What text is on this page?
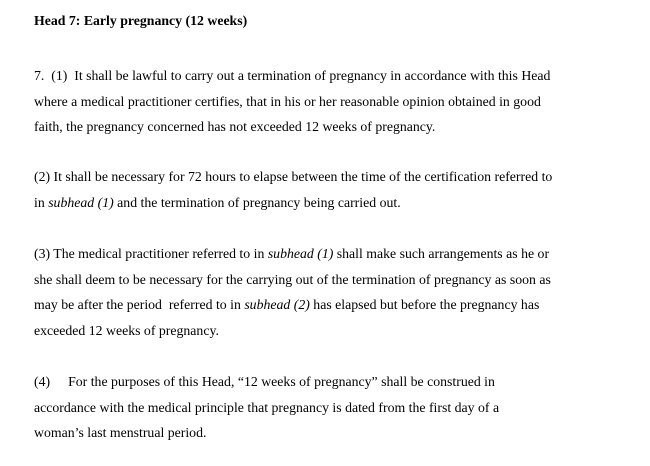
Head 7: Early pregnancy (12 weeks)
7.  (1)  It shall be lawful to carry out a termination of pregnancy in accordance with this Head
where a medical practitioner certifies, that in his or her reasonable opinion obtained in good
faith, the pregnancy concerned has not exceeded 12 weeks of pregnancy.
(2) It shall be necessary for 72 hours to elapse between the time of the certification referred to
in subhead (1) and the termination of pregnancy being carried out.
(3) The medical practitioner referred to in subhead (1) shall make such arrangements as he or
she shall deem to be necessary for the carrying out of the termination of pregnancy as soon as
may be after the period  referred to in subhead (2) has elapsed but before the pregnancy has
exceeded 12 weeks of pregnancy.
(4) For the purposes of this Head, “12 weeks of pregnancy” shall be construed in
accordance with the medical principle that pregnancy is dated from the first day of a
woman’s last menstrual period.
